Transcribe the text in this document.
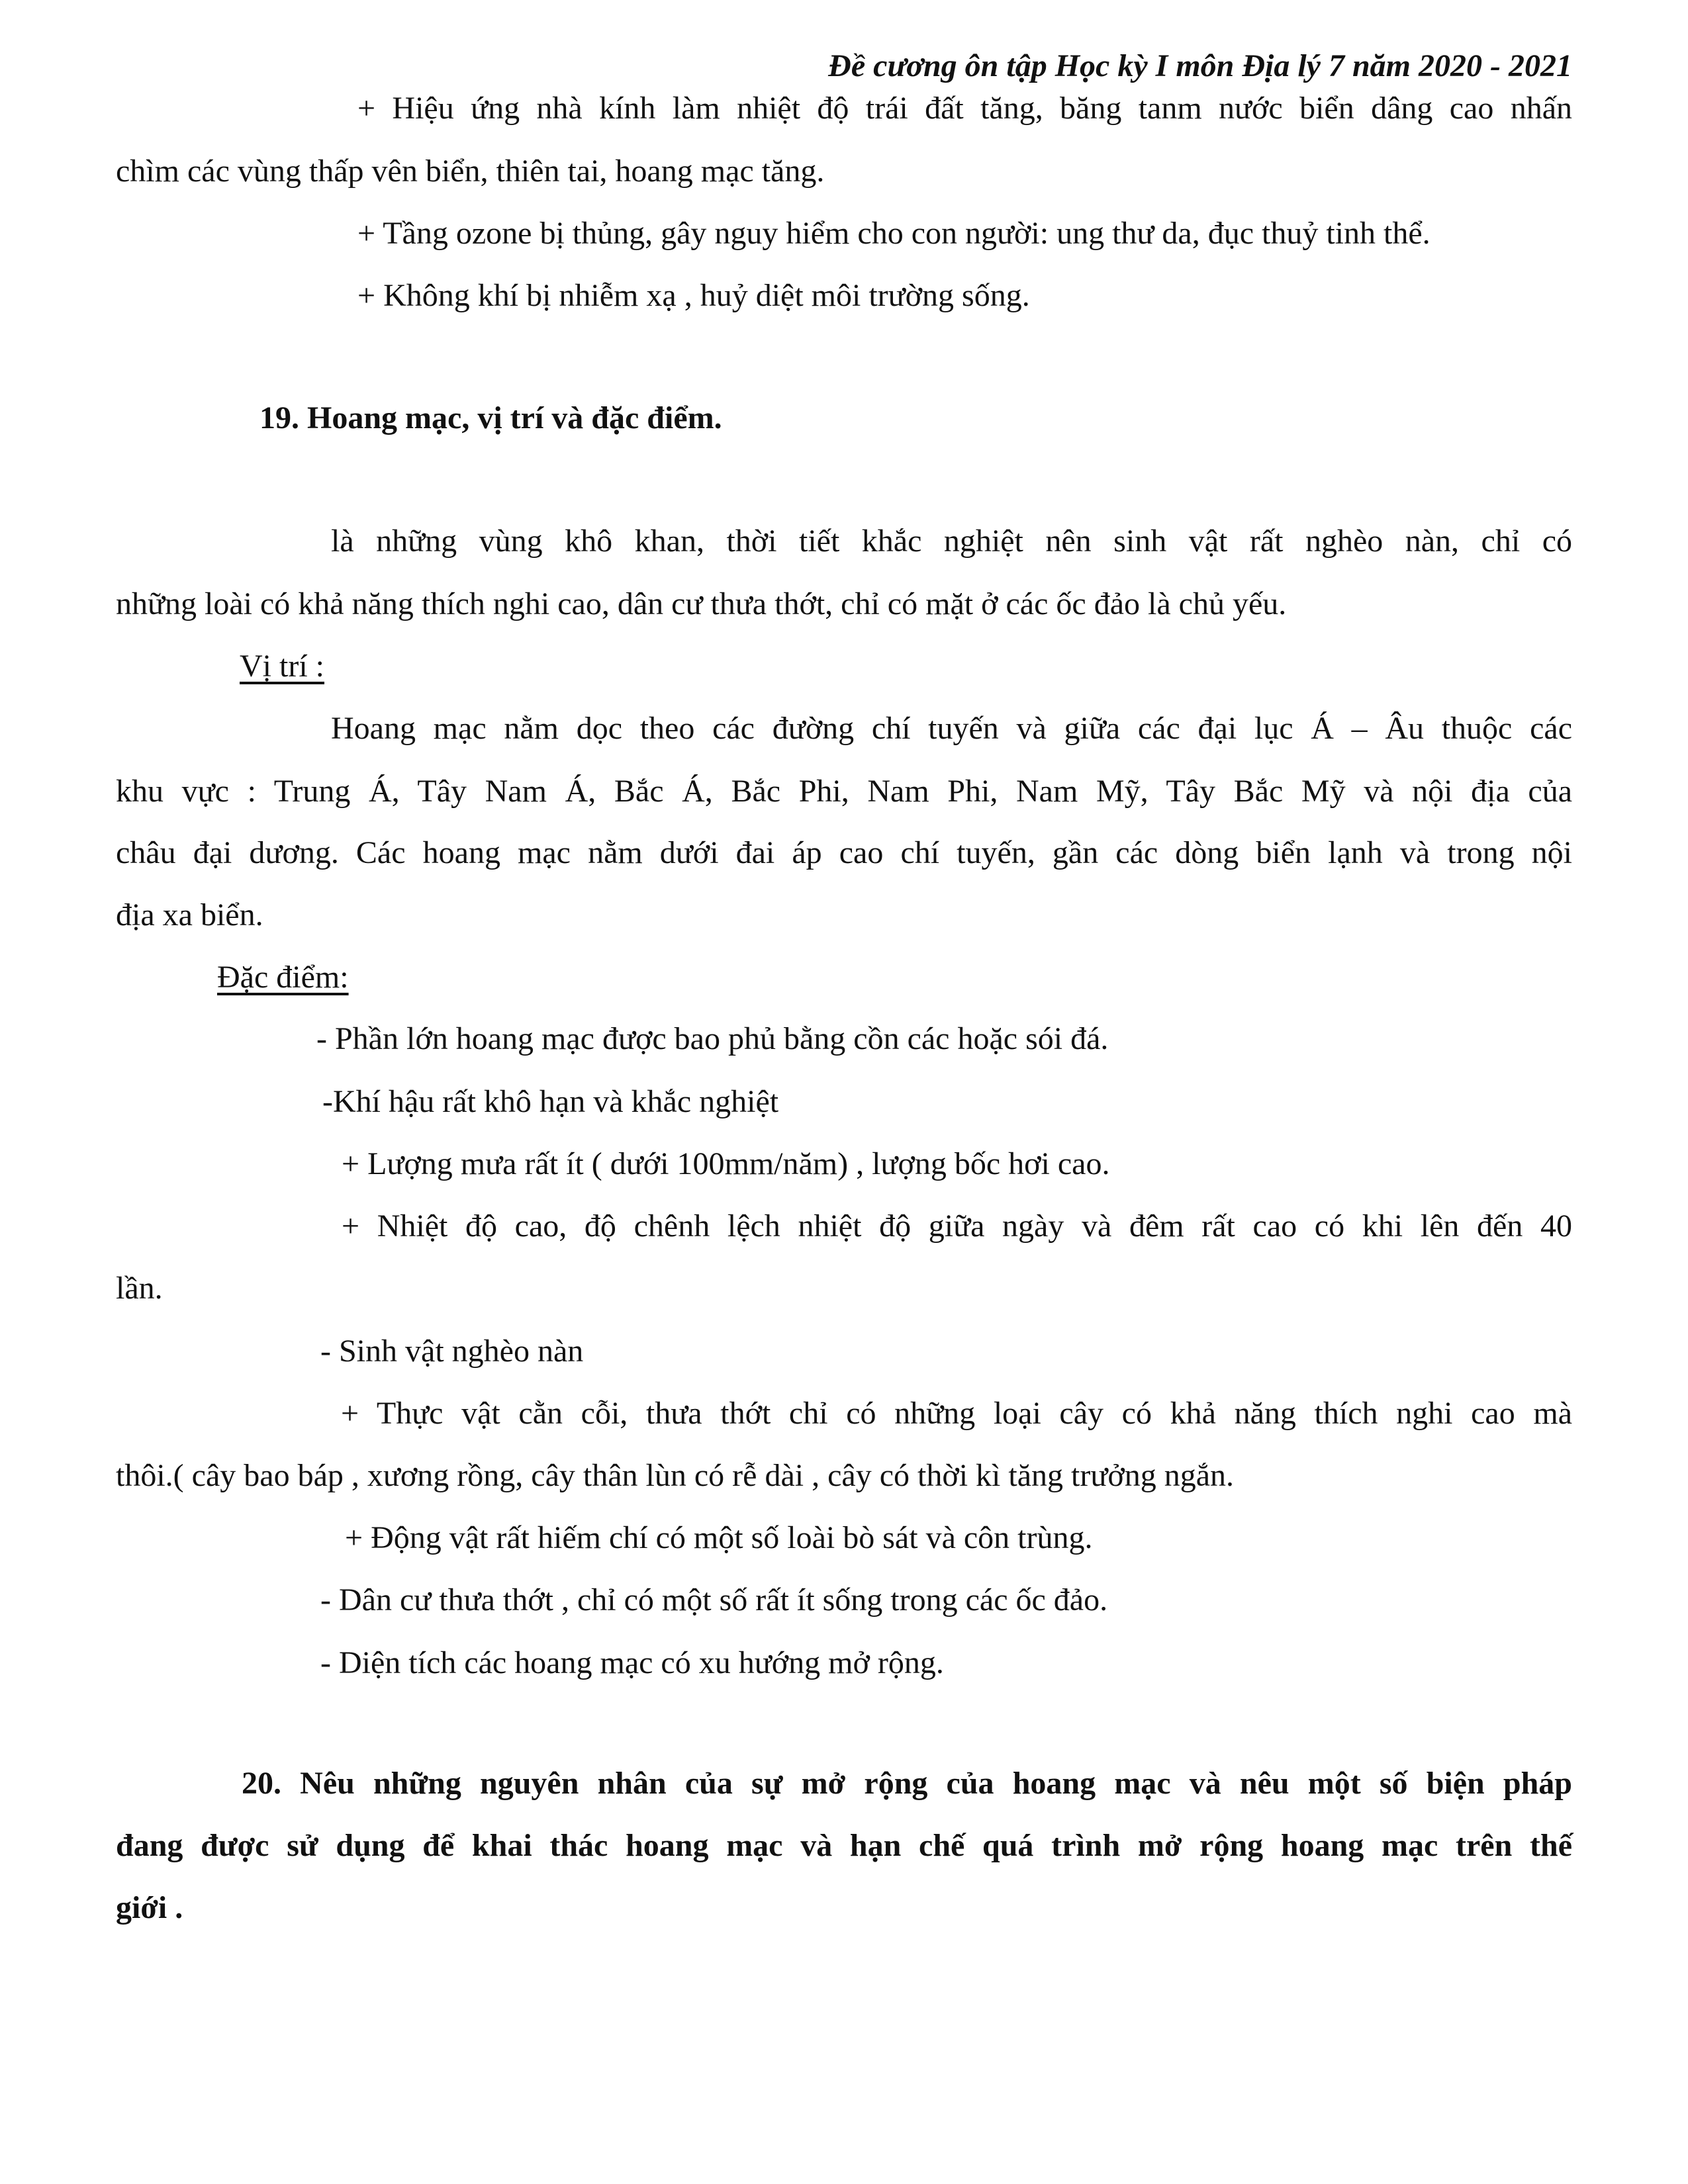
Đề cương ôn tập Học kỳ I môn Địa lý 7 năm 2020 - 2021
+ Hiệu ứng nhà kính làm nhiệt độ trái đất tăng, băng tanm nước biển dâng cao nhấn
chìm các vùng thấp vên biển, thiên tai, hoang mạc tăng.
+ Tầng ozone bị thủng, gây nguy hiểm cho con người: ung thư da, đục thuỷ tinh thể.
+ Không khí bị nhiễm xạ , huỷ diệt môi trường sống.
19. Hoang mạc, vị trí và đặc điểm.
là những vùng khô khan, thời tiết khắc nghiệt nên sinh vật rất nghèo nàn, chỉ có
những loài có khả năng thích nghi cao, dân cư thưa thớt, chỉ có mặt ở các ốc đảo là chủ yếu.
Vị trí :
Hoang mạc nằm dọc theo các đường chí tuyến và giữa các đại lục Á – Âu thuộc các
khu vực : Trung Á, Tây Nam Á, Bắc Á, Bắc Phi, Nam Phi, Nam Mỹ, Tây Bắc Mỹ và nội địa của
châu đại dương. Các hoang mạc nằm dưới đai áp cao chí tuyến, gần các dòng biển lạnh và trong nội
địa xa biển.
Đặc điểm:
- Phần lớn hoang mạc được bao phủ bằng cồn các hoặc sói đá.
-Khí hậu rất khô hạn và khắc nghiệt
+ Lượng mưa rất ít ( dưới 100mm/năm) , lượng bốc hơi cao.
+ Nhiệt độ cao, độ chênh lệch nhiệt độ giữa ngày và đêm rất cao có khi lên đến 40
lần.
- Sinh vật nghèo nàn
+ Thực vật cằn cỗi, thưa thớt chỉ có những loại cây có khả năng thích nghi cao mà
thôi.( cây bao báp , xương rồng, cây thân lùn có rễ dài , cây có thời kì tăng trưởng ngắn.
+ Động vật rất hiếm chí có một số loài bò sát và côn trùng.
- Dân cư thưa thớt , chỉ có một số rất ít sống trong các ốc đảo.
- Diện tích các hoang mạc có xu hướng mở rộng.
20. Nêu những nguyên nhân của sự mở rộng của hoang mạc và nêu một số biện pháp
đang được sử dụng để khai thác hoang mạc và hạn chế quá trình mở rộng hoang mạc trên thế
giới .
